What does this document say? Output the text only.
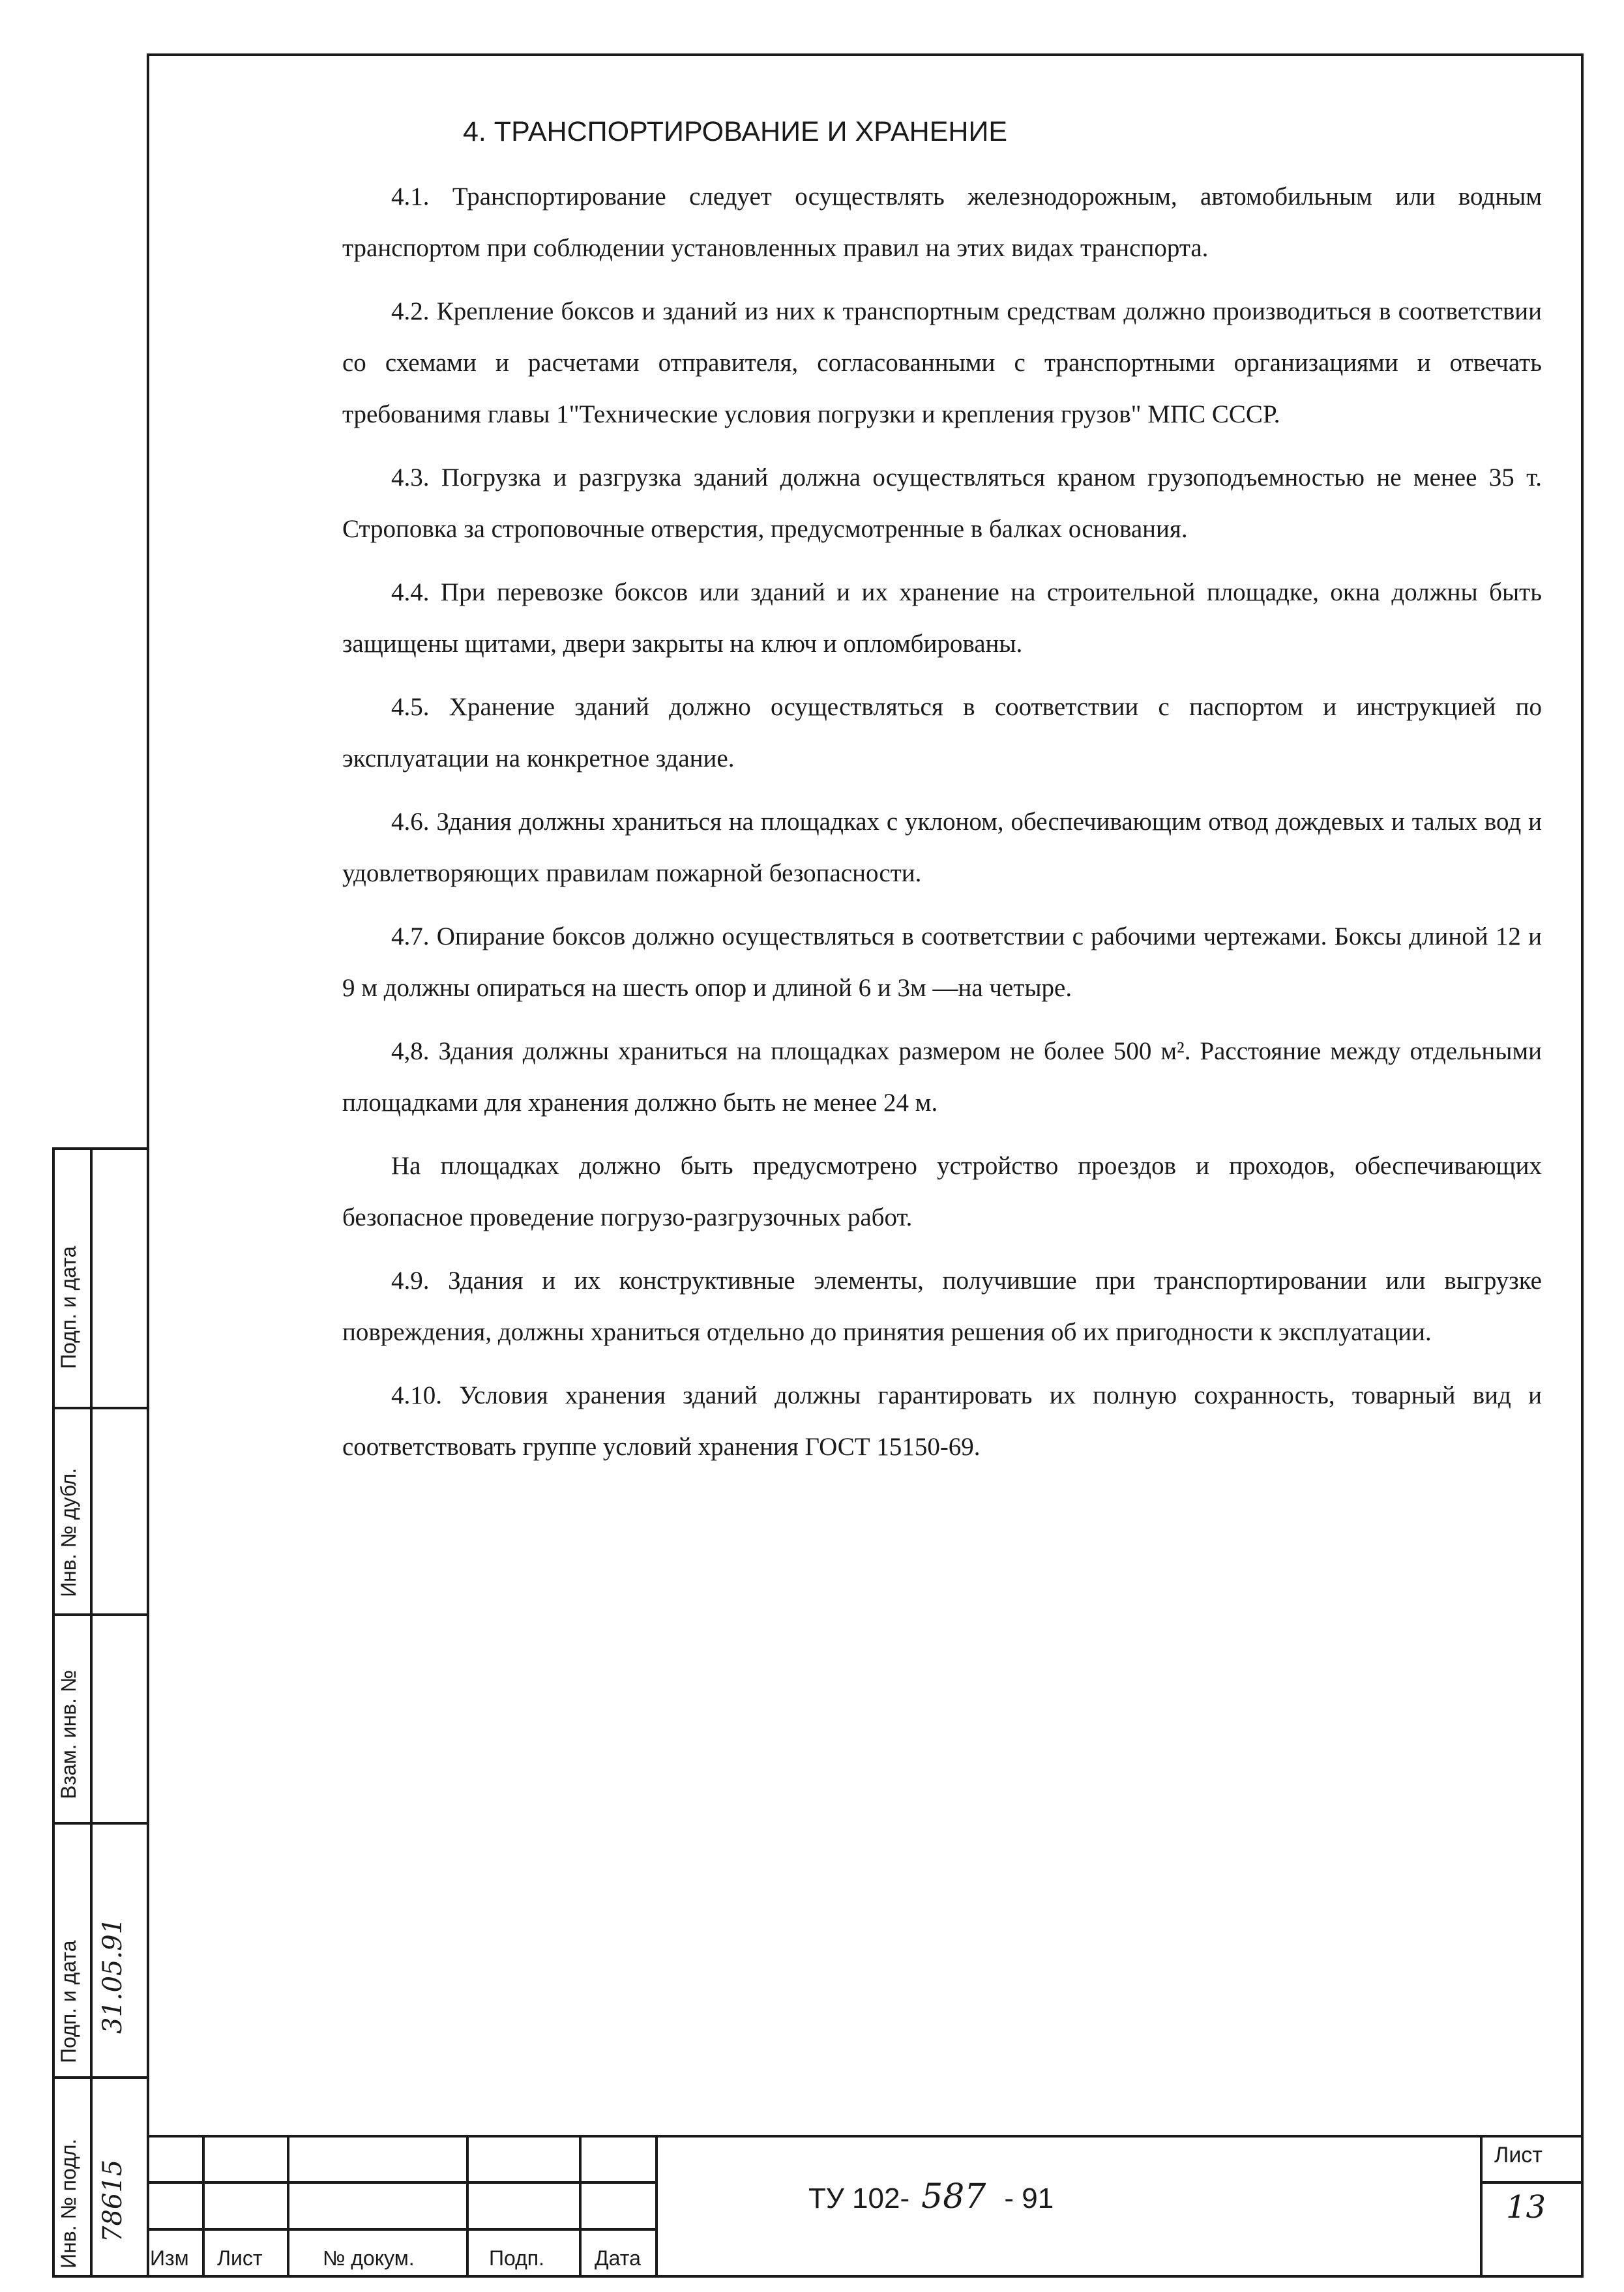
Подп. и дата
Инв. № дубл.
Взам. инв. №
Подп. и дата
Инв. № подл.
31.05.91
78615
4. ТРАНСПОРТИРОВАНИЕ И ХРАНЕНИЕ

4.1. Транспортирование следует осуществлять железнодорожным, автомобильным или водным транспортом при соблюдении установленных правил на этих видах транспорта.

4.2. Крепление боксов и зданий из них к транспортным средствам должно производиться в соответствии со схемами и расчетами отправителя, согласованными с транспортными организациями и отвечать требованимя главы 1"Технические условия погрузки и крепления грузов" МПС СССР.

4.3. Погрузка и разгрузка зданий должна осуществляться краном грузоподъемностью не менее 35 т. Строповка за строповочные отверстия, предусмотренные в балках основания.

4.4. При перевозке боксов или зданий и их хранение на строительной площадке, окна должны быть защищены щитами, двери закрыты на ключ и опломбированы.

4.5. Хранение зданий должно осуществляться в соответствии с паспортом и инструкцией по эксплуатации на конкретное здание.

4.6. Здания должны храниться на площадках с уклоном, обеспечивающим отвод дождевых и талых вод и удовлетворяющих правилам пожарной безопасности.

4.7. Опирание боксов должно осуществляться в соответствии с рабочими чертежами. Боксы длиной 12 и 9 м должны опираться на шесть опор и длиной 6 и 3м —на четыре.

4,8. Здания должны храниться на площадках размером не более 500 м². Расстояние между отдельными площадками для хранения должно быть не менее 24 м.

На площадках должно быть предусмотрено устройство проездов и проходов, обеспечивающих безопасное проведение погрузо-разгрузочных работ.

4.9. Здания и их конструктивные элементы, получившие при транспортировании или выгрузке повреждения, должны храниться отдельно до принятия решения об их пригодности к эксплуатации.

4.10. Условия хранения зданий должны гарантировать их полную сохранность, товарный вид и соответствовать группе условий хранения ГОСТ 15150-69.

Изм Лист	№ докум.	Подп. Дата
ТУ 102- 587 - 91
Лист
13
